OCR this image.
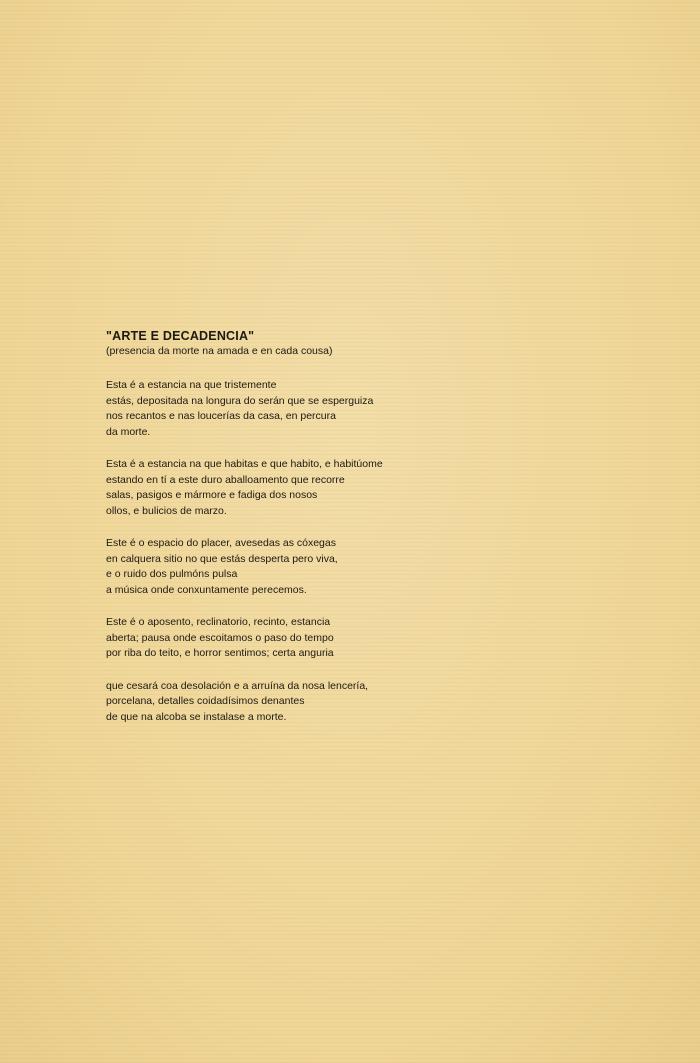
"ARTE E DECADENCIA"

(presencia da morte na amada e en cada cousa)

Esta é a estancia na que tristemente
estás, depositada na longura do serán que se esperguiza
nos recantos e nas loucerías da casa, en percura
da morte.
Esta é a estancia na que habitas e que habito, e habitúome
estando en tí a este duro aballoamento que recorre
salas, pasigos e mármore e fadiga dos nosos
ollos, e bulicios de marzo.
Este é o espacio do placer, avesedas as cóxegas
en calquera sitio no que estás desperta pero viva,
e o ruido dos pulmóns pulsa
a música onde conxuntamente perecemos.
Este é o aposento, reclinatorio, recinto, estancia
aberta; pausa onde escoitamos o paso do tempo
por riba do teito, e horror sentimos; certa anguria
que cesará coa desolación e a arruína da nosa lencería,
porcelana, detalles coidadísimos denantes
de que na alcoba se instalase a morte.
